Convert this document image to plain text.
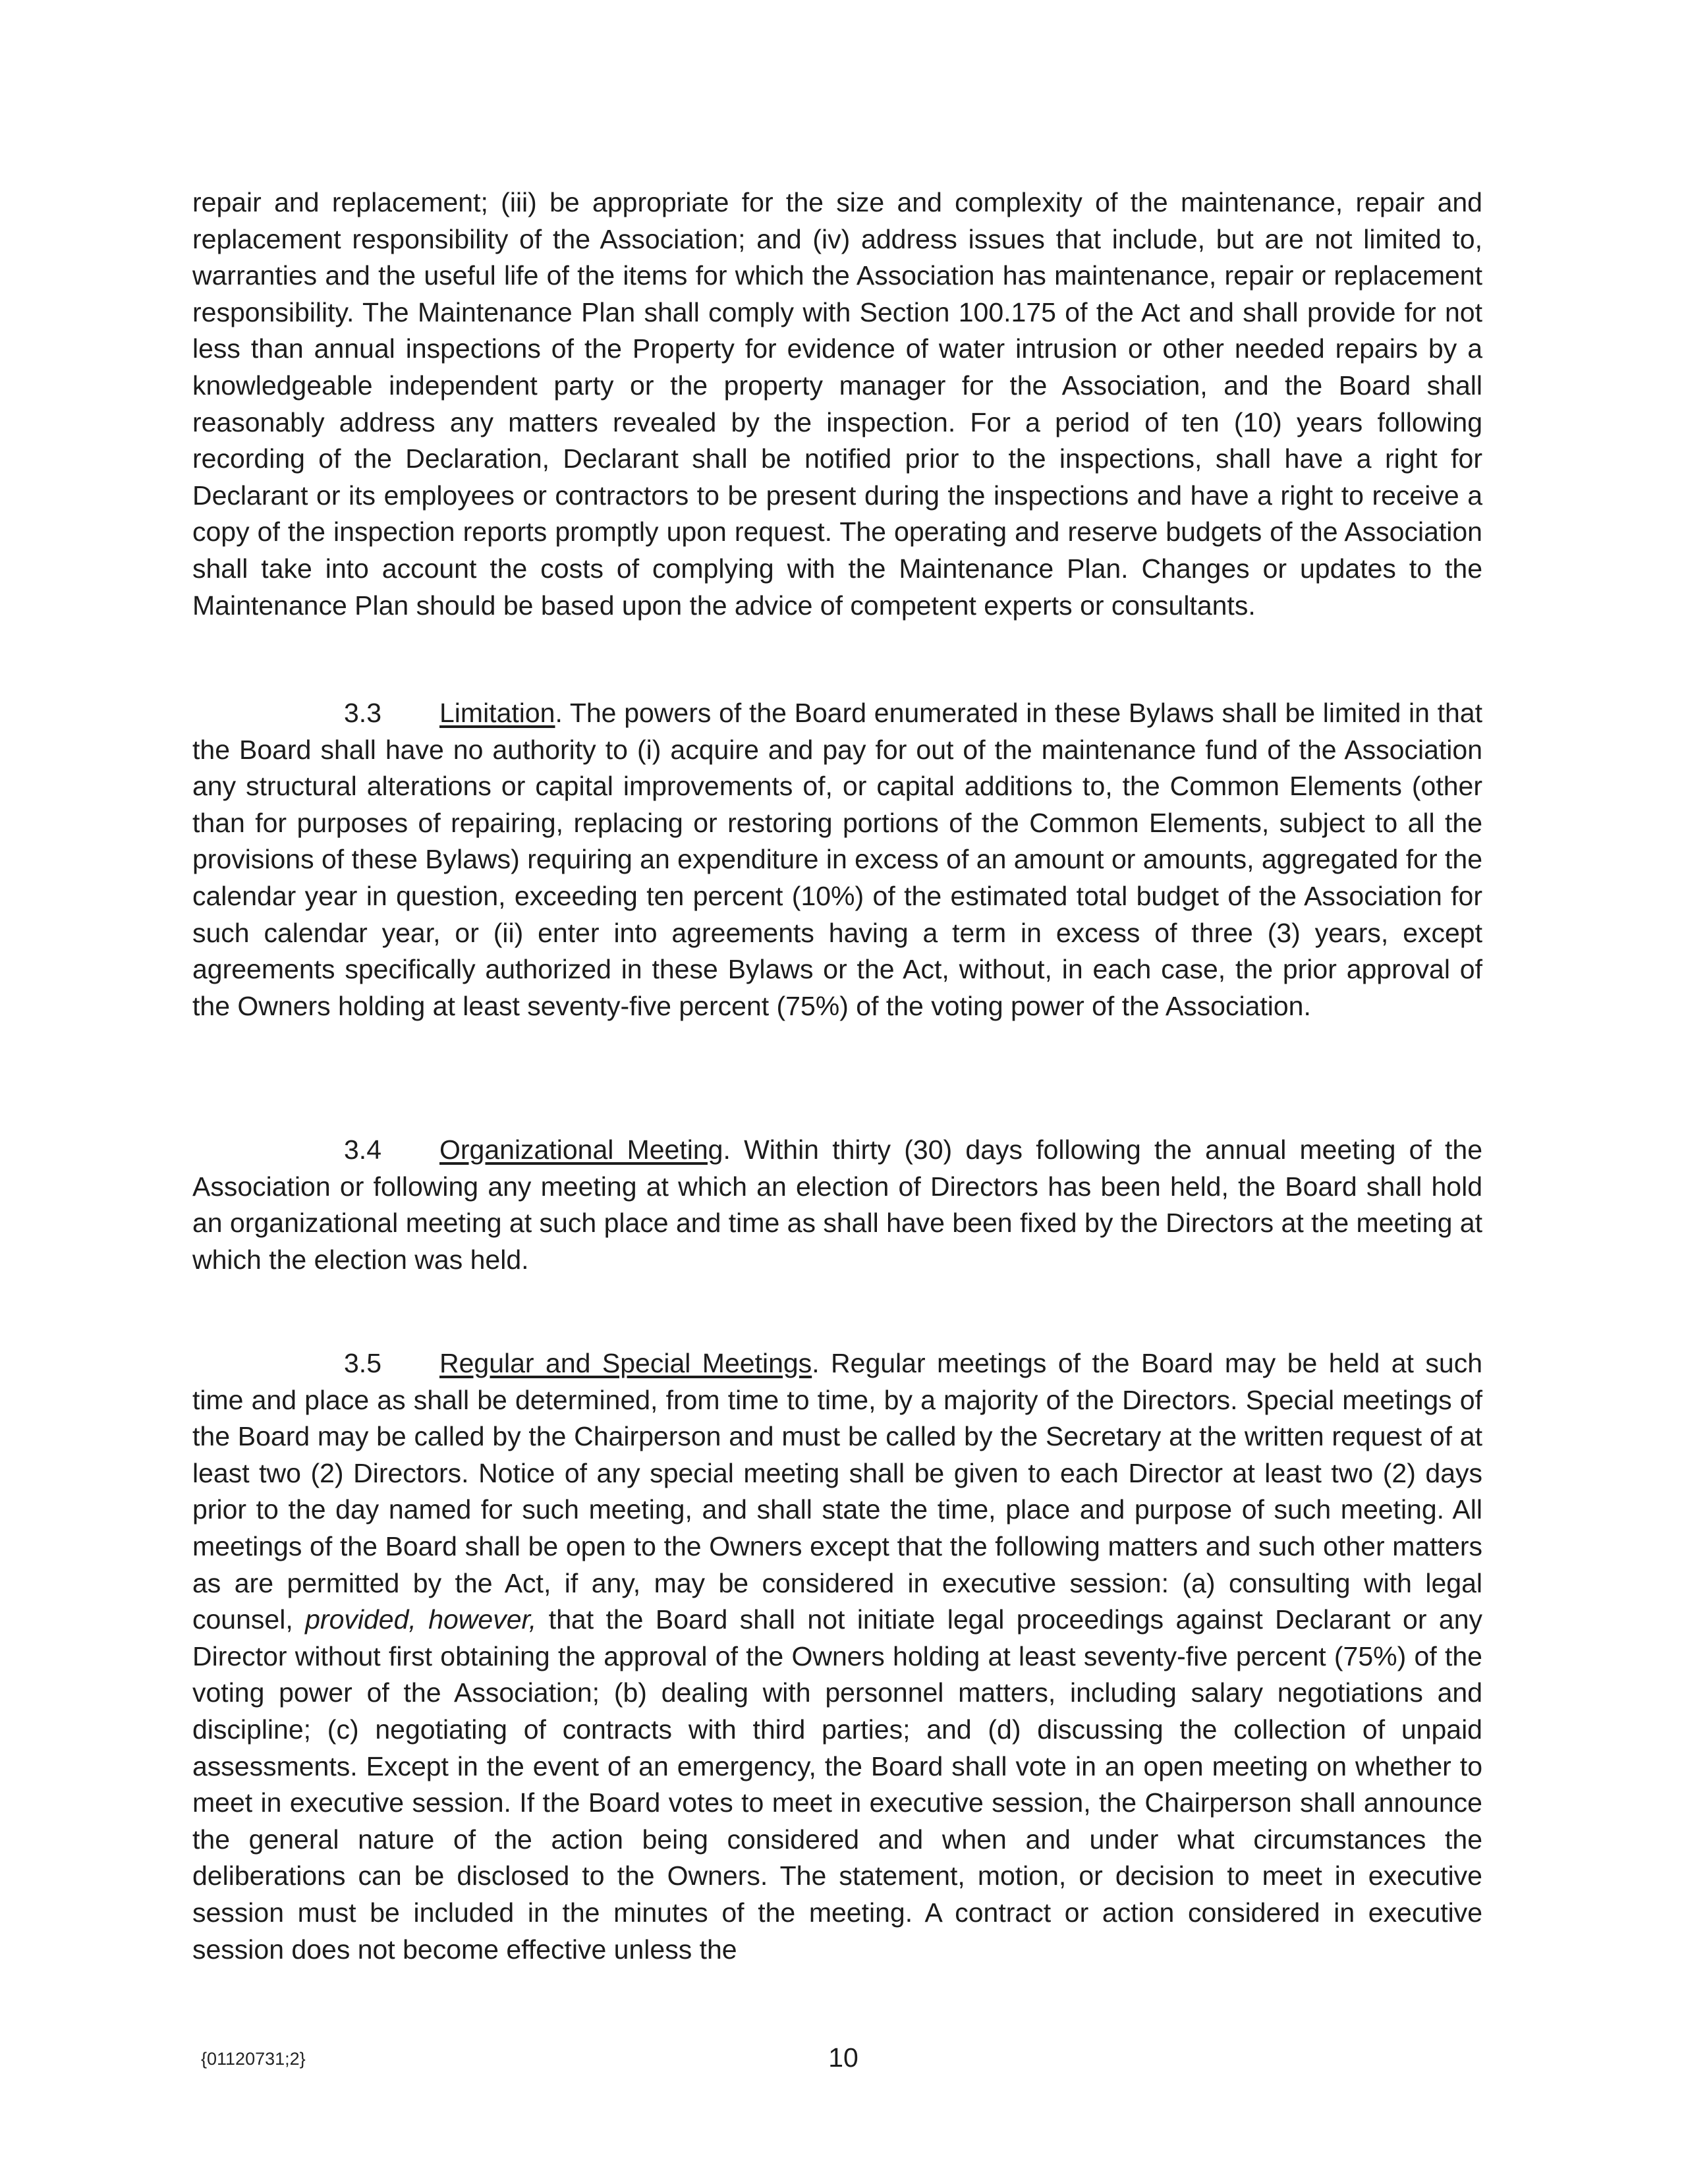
repair and replacement; (iii) be appropriate for the size and complexity of the maintenance, repair and replacement responsibility of the Association; and (iv) address issues that include, but are not limited to, warranties and the useful life of the items for which the Association has maintenance, repair or replacement responsibility. The Maintenance Plan shall comply with Section 100.175 of the Act and shall provide for not less than annual inspections of the Property for evidence of water intrusion or other needed repairs by a knowledgeable independent party or the property manager for the Association, and the Board shall reasonably address any matters revealed by the inspection. For a period of ten (10) years following recording of the Declaration, Declarant shall be notified prior to the inspections, shall have a right for Declarant or its employees or contractors to be present during the inspections and have a right to receive a copy of the inspection reports promptly upon request. The operating and reserve budgets of the Association shall take into account the costs of complying with the Maintenance Plan. Changes or updates to the Maintenance Plan should be based upon the advice of competent experts or consultants.

3.3 Limitation. The powers of the Board enumerated in these Bylaws shall be limited in that the Board shall have no authority to (i) acquire and pay for out of the maintenance fund of the Association any structural alterations or capital improvements of, or capital additions to, the Common Elements (other than for purposes of repairing, replacing or restoring portions of the Common Elements, subject to all the provisions of these Bylaws) requiring an expenditure in excess of an amount or amounts, aggregated for the calendar year in question, exceeding ten percent (10%) of the estimated total budget of the Association for such calendar year, or (ii) enter into agreements having a term in excess of three (3) years, except agreements specifically authorized in these Bylaws or the Act, without, in each case, the prior approval of the Owners holding at least seventy-five percent (75%) of the voting power of the Association.

3.4 Organizational Meeting. Within thirty (30) days following the annual meeting of the Association or following any meeting at which an election of Directors has been held, the Board shall hold an organizational meeting at such place and time as shall have been fixed by the Directors at the meeting at which the election was held.

3.5 Regular and Special Meetings. Regular meetings of the Board may be held at such time and place as shall be determined, from time to time, by a majority of the Directors. Special meetings of the Board may be called by the Chairperson and must be called by the Secretary at the written request of at least two (2) Directors. Notice of any special meeting shall be given to each Director at least two (2) days prior to the day named for such meeting, and shall state the time, place and purpose of such meeting. All meetings of the Board shall be open to the Owners except that the following matters and such other matters as are permitted by the Act, if any, may be considered in executive session: (a) consulting with legal counsel, provided, however, that the Board shall not initiate legal proceedings against Declarant or any Director without first obtaining the approval of the Owners holding at least seventy-five percent (75%) of the voting power of the Association; (b) dealing with personnel matters, including salary negotiations and discipline; (c) negotiating of contracts with third parties; and (d) discussing the collection of unpaid assessments. Except in the event of an emergency, the Board shall vote in an open meeting on whether to meet in executive session. If the Board votes to meet in executive session, the Chairperson shall announce the general nature of the action being considered and when and under what circumstances the deliberations can be disclosed to the Owners. The statement, motion, or decision to meet in executive session must be included in the minutes of the meeting. A contract or action considered in executive session does not become effective unless the

{01120731;2}	10
